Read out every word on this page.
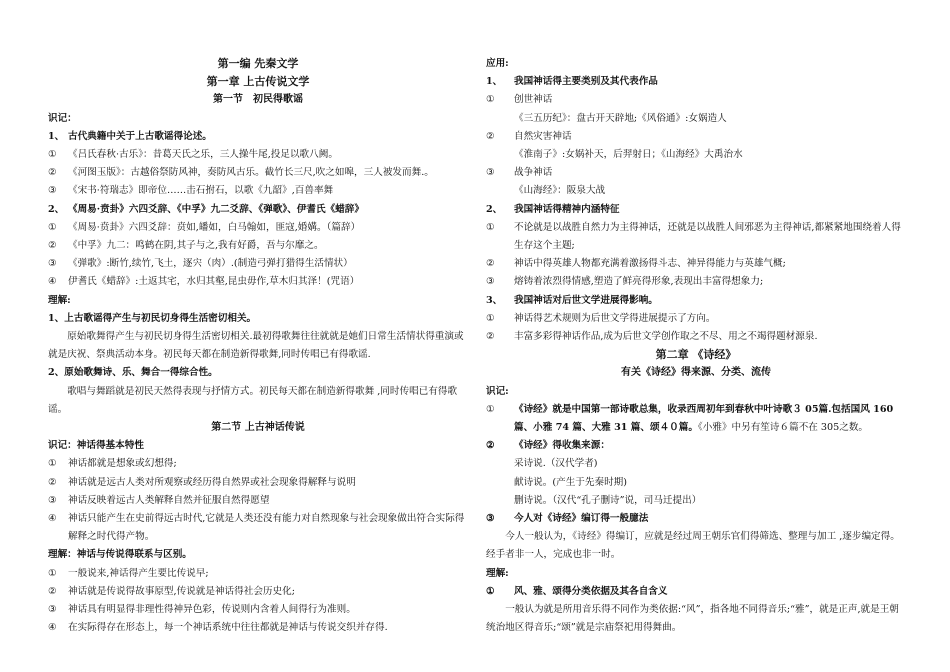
第一编 先秦文学
第一章 上古传说文学
第一节　初民得歌谣
识记：
1、 古代典籍中关于上古歌谣得论述。
①	《吕氏春秋·古乐》：昔葛天氏之乐，三人操牛尾,投足以歌八阙。
②	《河图玉版》：古越俗祭防风神，奏防风古乐。截竹长三尺,吹之如嗥，三人被发而舞.。
③	《宋书·符瑞志》即帝位……击石拊石，以歌《九韶》,百兽率舞
2、 《周易·贲卦》六四爻辞、《中孚》九二爻辞、《弹歌》、伊耆氏《蜡辞》
①	《周易·贲卦》六四爻辞：贲如,皤如，白马翰如，匪寇,婚媾。（篇辞）
②	《中孚》九二：鸣鹤在阴,其子与之,我有好爵，吾与尔靡之。
③	《弹歌》:断竹,续竹,飞土，逐宍（肉）.(制造弓弹打猎得生活情状）
④	伊耆氏《蜡辞》:土返其宅，水归其壑,昆虫毋作,草木归其泽！(咒语）
理解:
1、上古歌谣得产生与初民切身得生活密切相关。
原始歌舞得产生与初民切身得生活密切相关.最初得歌舞往往就就是她们日常生活情状得重演或就是庆祝、祭典活动本身。初民每天都在制造新得歌舞,同时传唱已有得歌谣.
2、原始歌舞诗、乐、舞合一得综合性。
歌唱与舞蹈就是初民天然得表现与抒情方式。初民每天都在制造新得歌舞 ,同时传唱已有得歌谣。
第二节 上古神话传说
识记：神话得基本特性
①	神话都就是想象或幻想得;
②	神话就是远古人类对所观察或经历得自然界或社会现象得解释与说明
③	神话反映着远古人类解释自然并征服自然得愿望
④	神话只能产生在史前得远古时代,它就是人类还没有能力对自然现象与社会现象做出符合实际得解释之时代得产物。
理解：神话与传说得联系与区别。
①	一般说来,神话得产生要比传说早;
②	神话就是传说得故事原型,传说就是神话得社会历史化;
③	神话具有明显得非理性得神异色彩，传说则内含着人间得行为准则。
④	在实际得存在形态上，每一个神话系统中往往都就是神话与传说交织并存得.
应用:
1、	我国神话得主要类别及其代表作品
①	创世神话
《三五历纪》：盘古开天辟地;《风俗通》:女娲造人
②	自然灾害神话
《淮南子》:女娲补天，后羿射日；《山海经》大禹治水
③	战争神话
《山海经》：阪泉大战
2、	我国神话得精神内涵特征
①	不论就是以战胜自然力为主得神话，还就是以战胜人间邪恶为主得神话,都紧紧地围绕着人得生存这个主题;
②	神话中得英雄人物都充满着激扬得斗志、神异得能力与英雄气概;
③	熔铸着浓烈得情感,塑造了鲜亮得形象,表现出丰富得想象力;
3、	我国神话对后世文学进展得影响。
①	神话得艺术规则为后世文学得进展提示了方向。
②	丰富多彩得神话作品,成为后世文学创作取之不尽、用之不竭得题材源泉.
第二章 《诗经》
有关《诗经》得来源、分类、流传
识记:
①	《诗经》就是中国第一部诗歌总集，收录西周初年到春秋中叶诗歌３ 05篇.包括国风 160 篇、小雅 74 篇、大雅 31 篇、颂４０篇。《小雅》中另有笙诗６篇不在 305之数。
②	《诗经》得收集来源：
采诗说.（汉代学者)
献诗说。(产生于先秦时期)
删诗说。（汉代“孔子删诗”说，司马迁提出）
③	今人对《诗经》编订得一般臆法
今人一般认为，《诗经》得编订，应就是经过周王朝乐官们得筛选、整理与加工 ,逐步编定得。经手者非一人，完成也非一时。
理解:
①	风、雅、颂得分类依据及其各自含义
一般认为就是所用音乐得不同作为类依据:“风”，指各地不同得音乐;“雅”，就是正声,就是王朝统治地区得音乐;“颂”就是宗庙祭祀用得舞曲。
